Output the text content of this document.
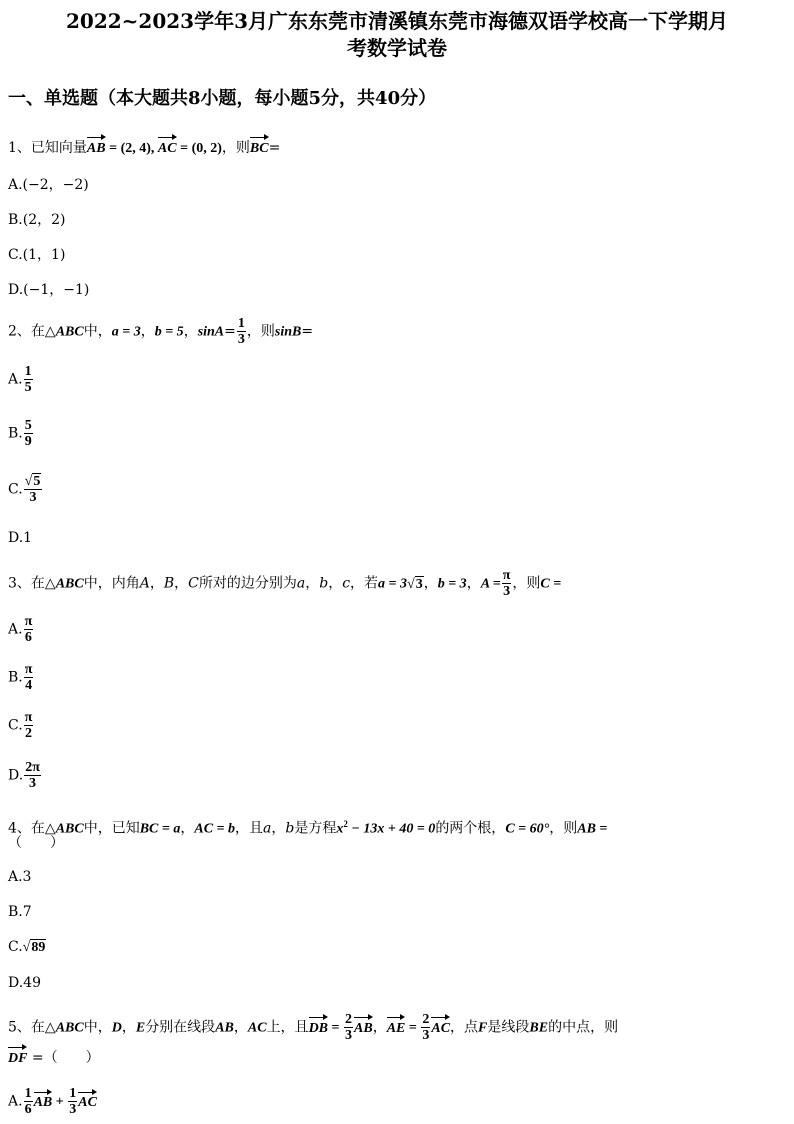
2022~2023学年3月广东东莞市清溪镇东莞市海德双语学校高一下学期月
考数学试卷
一、单选题（本大题共8小题，每小题5分，共40分）
1、已知向量AB = (2, 4), AC = (0, 2)，则BC=
A.(−2，−2)
B.(2，2)
C.(1，1)
D.(−1，−1)
2、在△ABC中，a = 3，b = 5，$\sin A= \frac{1}{3}$ ，则sinB=
A. $\frac{1}{5}$
B. $\frac{5}{9}$
C. $\frac{√5}{3}$
D.1
3、在△ABC中，内角A，B，C所对的边分别为a，b，c，若a = 3√3，b = 3，$A = \frac{\pi}{3}$ ，则C =
A. $\frac{\pi}{6}$
B. $\frac{\pi}{4}$
C. $\frac{\pi}{2}$
D. $\frac{2\pi}{3}$
4、在△ABC中，已知BC = a，AC = b，且a，b是方程$x^2 - 13x + 40 = 0$的两个根，C = 60°，则AB =
（　　）
A.3
B.7
C.√89
D.49
5、在△ABC中，D，E分别在线段AB，AC上，且DB = $\frac{2}{3}$ AB，AE = $\frac{2}{3}$ AC，点F是线段BE的中点，则
DF =（　　）
A. $\frac{1}{6}$ AB + $\frac{1}{3}$ AC
